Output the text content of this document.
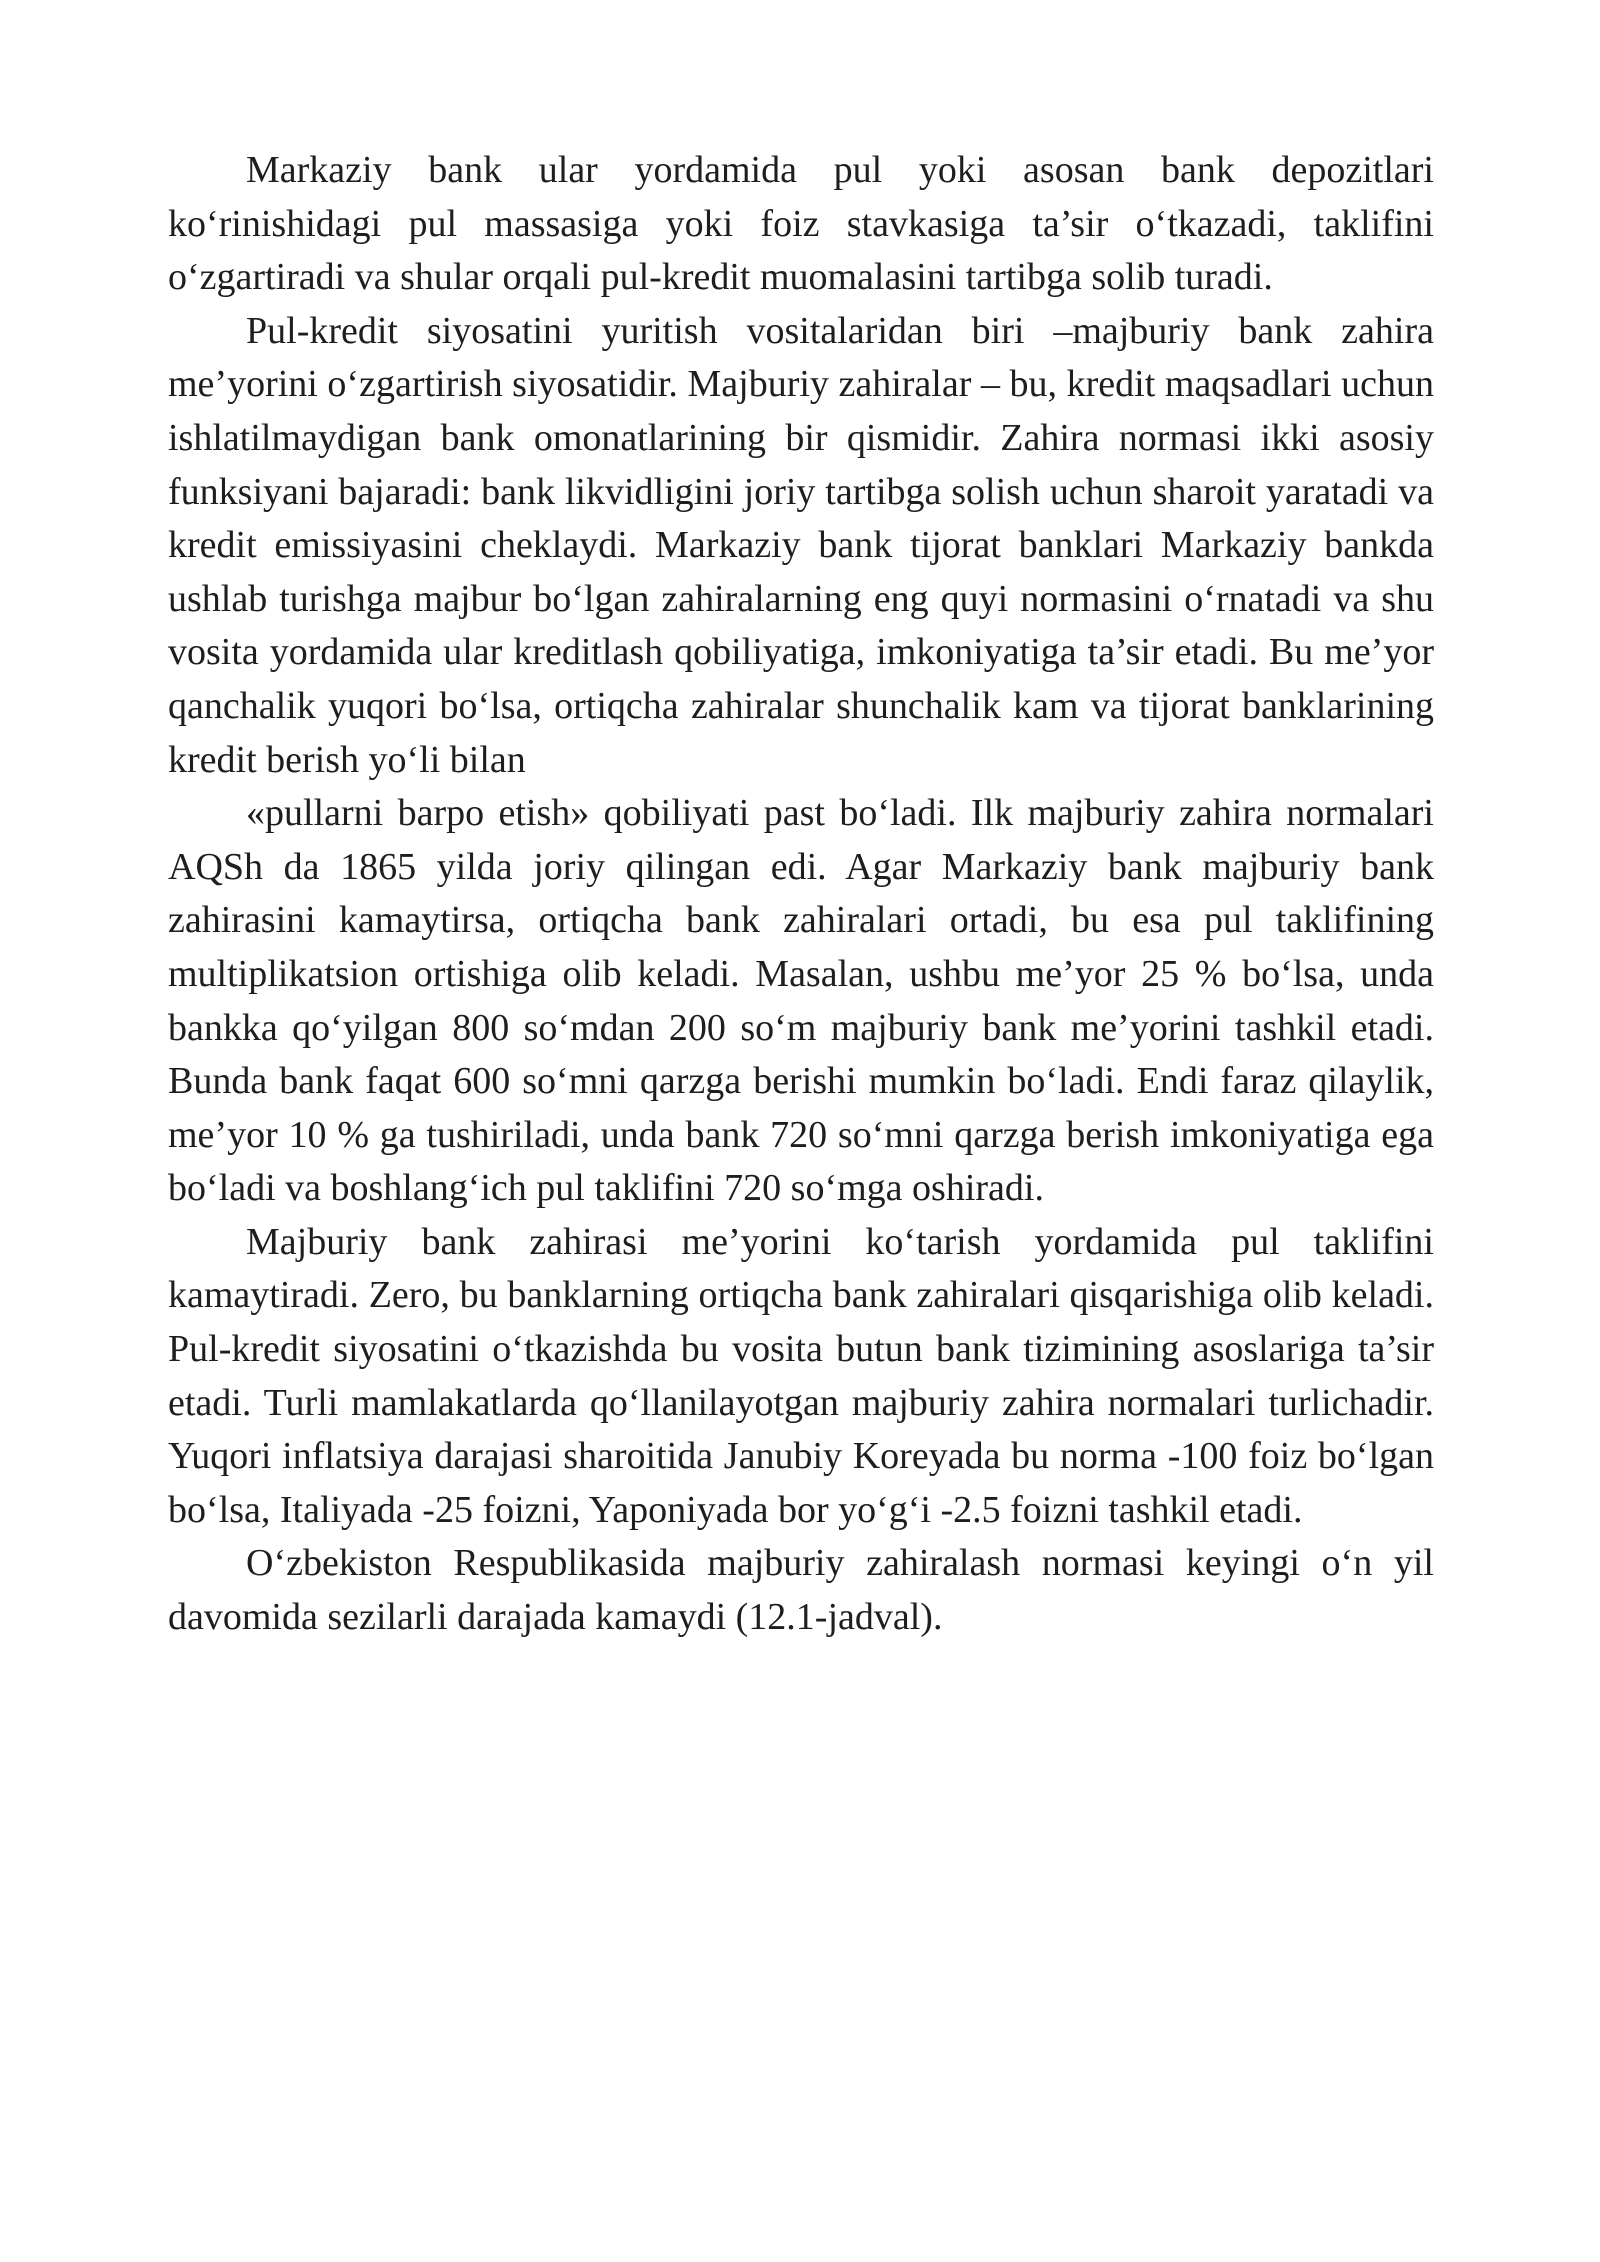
Markaziy bank ular yordamida pul yoki asosan bank depozitlari ko‘rinishidagi pul massasiga yoki foiz stavkasiga ta’sir o‘tkazadi, taklifini o‘zgartiradi va shular orqali pul-kredit muomalasini tartibga solib turadi.

Pul-kredit siyosatini yuritish vositalaridan biri –majburiy bank zahira me’yorini o‘zgartirish siyosatidir. Majburiy zahiralar – bu, kredit maqsadlari uchun ishlatilmaydigan bank omonatlarining bir qismidir. Zahira normasi ikki asosiy funksiyani bajaradi: bank likvidligini joriy tartibga solish uchun sharoit yaratadi va kredit emissiyasini cheklaydi. Markaziy bank tijorat banklari Markaziy bankda ushlab turishga majbur bo‘lgan zahiralarning eng quyi normasini o‘rnatadi va shu vosita yordamida ular kreditlash qobiliyatiga, imkoniyatiga ta’sir etadi. Bu me’yor qanchalik yuqori bo‘lsa, ortiqcha zahiralar shunchalik kam va tijorat banklarining kredit berish yo‘li bilan
«pullarni barpo etish» qobiliyati past bo‘ladi. Ilk majburiy zahira normalari AQSh da 1865 yilda joriy qilingan edi. Agar Markaziy bank majburiy bank zahirasini kamaytirsa, ortiqcha bank zahiralari ortadi, bu esa pul taklifining multiplikatsion ortishiga olib keladi. Masalan, ushbu me’yor 25 % bo‘lsa, unda bankka qo‘yilgan 800 so‘mdan 200 so‘m majburiy bank me’yorini tashkil etadi. Bunda bank faqat 600 so‘mni qarzga berishi mumkin bo‘ladi. Endi faraz qilaylik, me’yor 10 % ga tushiriladi, unda bank 720 so‘mni qarzga berish imkoniyatiga ega bo‘ladi va boshlang‘ich pul taklifini 720 so‘mga oshiradi.

Majburiy bank zahirasi me’yorini ko‘tarish yordamida pul taklifini kamaytiradi. Zero, bu banklarning ortiqcha bank zahiralari qisqarishiga olib keladi. Pul-kredit siyosatini o‘tkazishda bu vosita butun bank tizimining asoslariga ta’sir etadi. Turli mamlakatlarda qo‘llanilayotgan majburiy zahira normalari turlichadir. Yuqori inflatsiya darajasi sharoitida Janubiy Koreyada bu norma -100 foiz bo‘lgan bo‘lsa, Italiyada -25 foizni, Yaponiyada bor yo‘g‘i -2.5 foizni tashkil etadi.

O‘zbekiston Respublikasida majburiy zahiralash normasi keyingi o‘n yil davomida sezilarli darajada kamaydi (12.1-jadval).
